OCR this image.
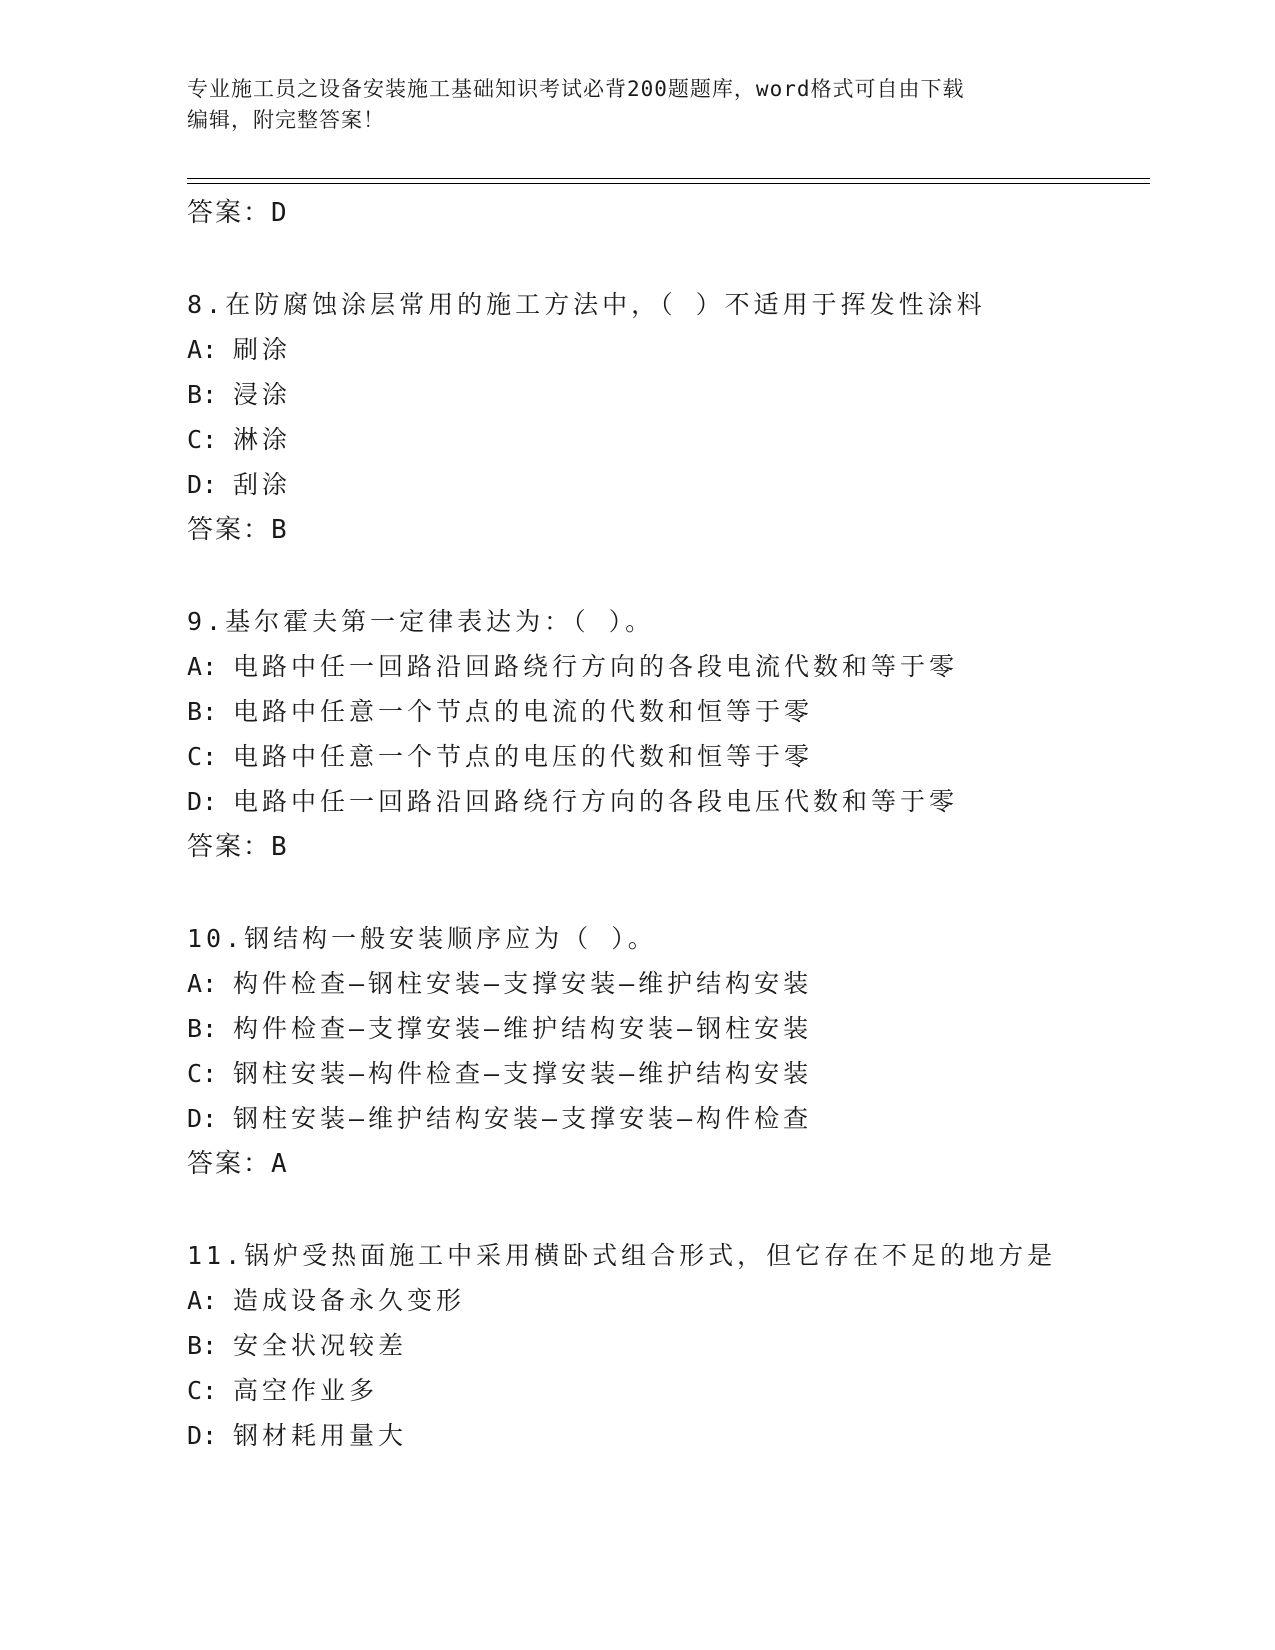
专业施工员之设备安装施工基础知识考试必背200题题库，word格式可自由下载
编辑，附完整答案！
答案：D
8.在防腐蚀涂层常用的施工方法中，（ ）不适用于挥发性涂料
A: 刷涂
B: 浸涂
C: 淋涂
D: 刮涂
答案：B
9.基尔霍夫第一定律表达为：（ ）。
A: 电路中任一回路沿回路绕行方向的各段电流代数和等于零
B: 电路中任意一个节点的电流的代数和恒等于零
C: 电路中任意一个节点的电压的代数和恒等于零
D: 电路中任一回路沿回路绕行方向的各段电压代数和等于零
答案：B
10.钢结构一般安装顺序应为（ ）。
A: 构件检查—钢柱安装—支撑安装—维护结构安装
B: 构件检查—支撑安装—维护结构安装—钢柱安装
C: 钢柱安装—构件检查—支撑安装—维护结构安装
D: 钢柱安装—维护结构安装—支撑安装—构件检查
答案：A
11.锅炉受热面施工中采用横卧式组合形式，但它存在不足的地方是
A: 造成设备永久变形
B: 安全状况较差
C: 高空作业多
D: 钢材耗用量大
